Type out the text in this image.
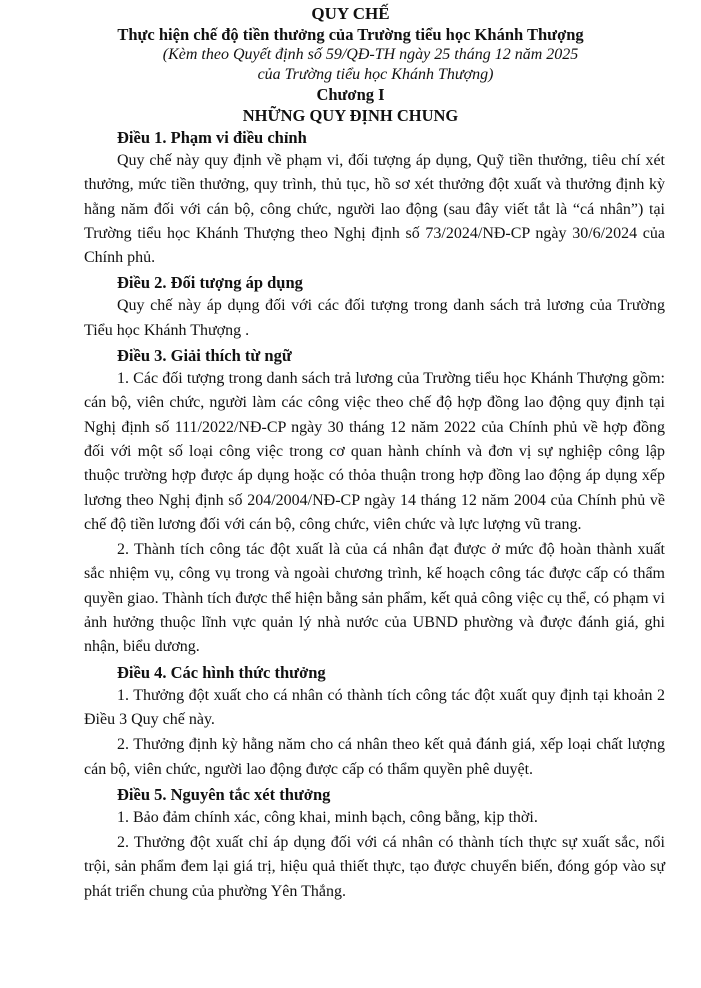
QUY CHẾ

Thực hiện chế độ tiền thưởng của Trường tiểu học Khánh Thượng

(Kèm theo Quyết định số 59/QĐ-TH ngày 25 tháng 12 năm 2025

của Trường tiểu học Khánh Thượng)

Chương I

NHỮNG QUY ĐỊNH CHUNG

Điều 1. Phạm vi điều chỉnh

Quy chế này quy định về phạm vi, đối tượng áp dụng, Quỹ tiền thưởng, tiêu chí xét thưởng, mức tiền thưởng, quy trình, thủ tục, hồ sơ xét thưởng đột xuất và thưởng định kỳ hằng năm đối với cán bộ, công chức, người lao động (sau đây viết tắt là “cá nhân”) tại Trường tiểu học Khánh Thượng theo Nghị định số 73/2024/NĐ-CP ngày 30/6/2024 của Chính phủ.

Điều 2. Đối tượng áp dụng

Quy chế này áp dụng đối với các đối tượng trong danh sách trả lương của Trường Tiểu học Khánh Thượng .

Điều 3. Giải thích từ ngữ

1. Các đối tượng trong danh sách trả lương của Trường tiểu học Khánh Thượng gồm: cán bộ, viên chức, người làm các công việc theo chế độ hợp đồng lao động quy định tại Nghị định số 111/2022/NĐ-CP ngày 30 tháng 12 năm 2022 của Chính phủ về hợp đồng đối với một số loại công việc trong cơ quan hành chính và đơn vị sự nghiệp công lập thuộc trường hợp được áp dụng hoặc có thỏa thuận trong hợp đồng lao động áp dụng xếp lương theo Nghị định số 204/2004/NĐ-CP ngày 14 tháng 12 năm 2004 của Chính phủ về chế độ tiền lương đối với cán bộ, công chức, viên chức và lực lượng vũ trang.

2. Thành tích công tác đột xuất là của cá nhân đạt được ở mức độ hoàn thành xuất sắc nhiệm vụ, công vụ trong và ngoài chương trình, kế hoạch công tác được cấp có thẩm quyền giao. Thành tích được thể hiện bằng sản phẩm, kết quả công việc cụ thể, có phạm vi ảnh hưởng thuộc lĩnh vực quản lý nhà nước của UBND phường và được đánh giá, ghi nhận, biểu dương.

Điều 4. Các hình thức thưởng

1. Thưởng đột xuất cho cá nhân có thành tích công tác đột xuất quy định tại khoản 2 Điều 3 Quy chế này.

2. Thưởng định kỳ hằng năm cho cá nhân theo kết quả đánh giá, xếp loại chất lượng cán bộ, viên chức, người lao động được cấp có thẩm quyền phê duyệt.

Điều 5. Nguyên tắc xét thưởng

1. Bảo đảm chính xác, công khai, minh bạch, công bằng, kịp thời.

2. Thưởng đột xuất chỉ áp dụng đối với cá nhân có thành tích thực sự xuất sắc, nổi trội, sản phẩm đem lại giá trị, hiệu quả thiết thực, tạo được chuyển biến, đóng góp vào sự phát triển chung của phường Yên Thắng.
